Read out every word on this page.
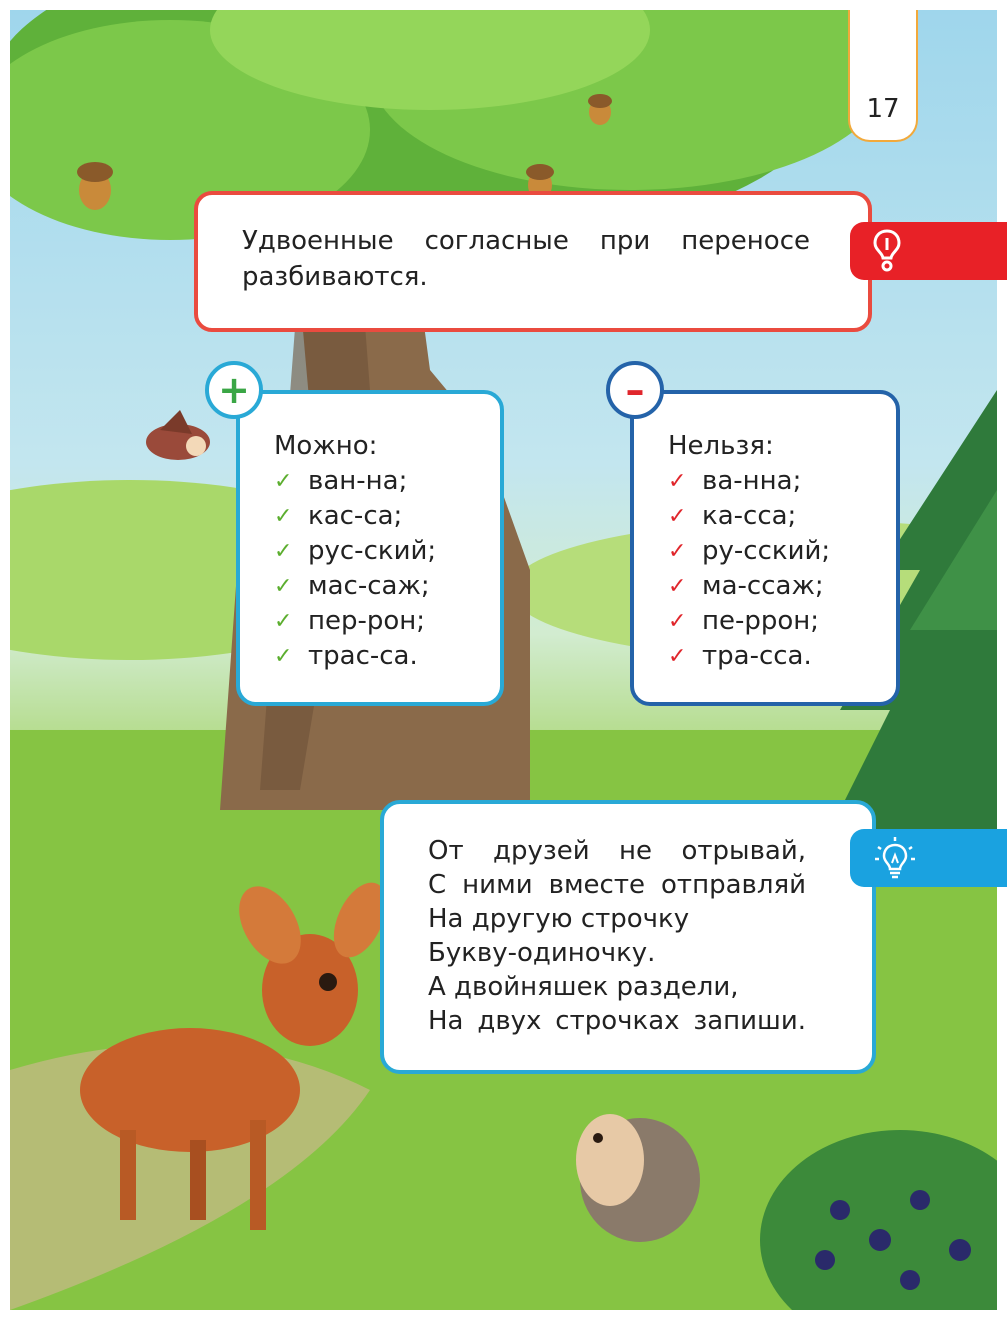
17
Удвоенные согласные при переносе разбиваются.
Можно:
✓ ван-на;
✓ кас-са;
✓ рус-ский;
✓ мас-саж;
✓ пер-рон;
✓ трас-са.
+
Нельзя:
✓ ва-нна;
✓ ка-сса;
✓ ру-сский;
✓ ма-ссаж;
✓ пе-ррон;
✓ тра-сса.
–
От друзей не отрывай,
С ними вместе отправляй
На другую строчку
Букву-одиночку.
А двойняшек раздели,
На двух строчках запиши.
